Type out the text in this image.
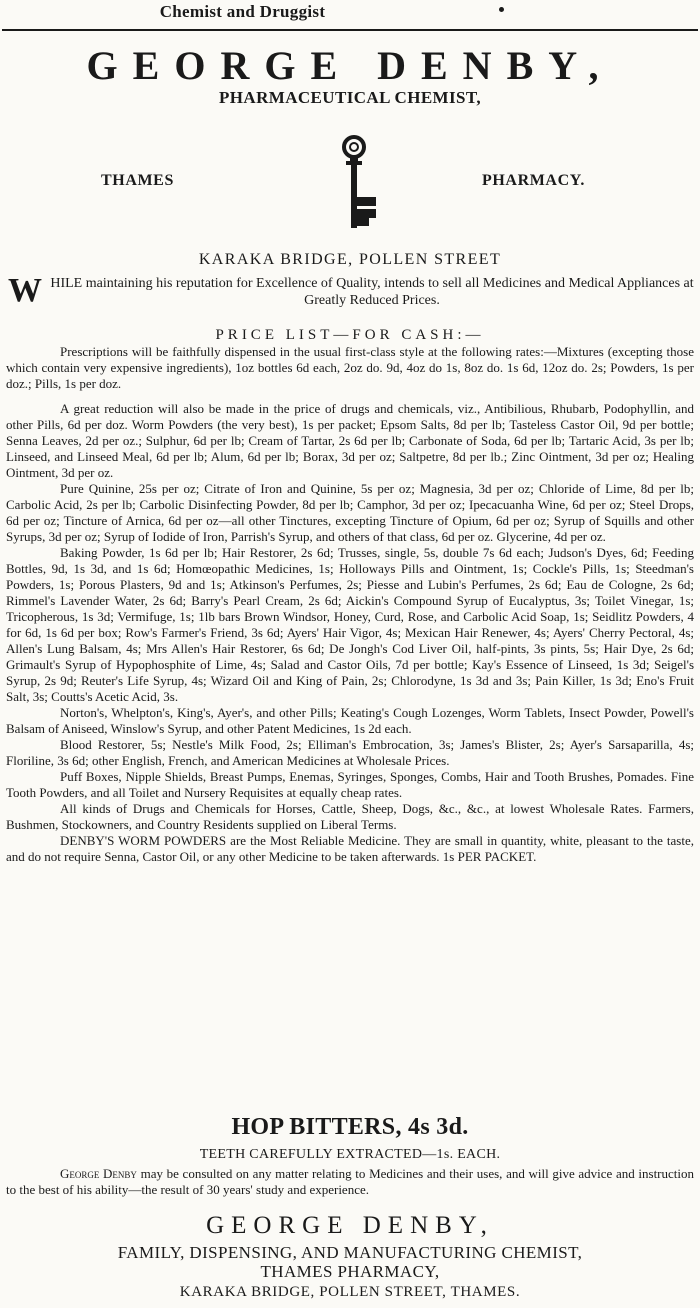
Chemist and Druggist
GEORGE DENBY,
PHARMACEUTICAL CHEMIST,
THAMES	PHARMACY.
KARAKA BRIDGE, POLLEN STREET
W HILE maintaining his reputation for Excellence of Quality, intends to sell all Medicines and Medical Appliances at Greatly Reduced Prices.
PRICE LIST—FOR CASH:—

Prescriptions will be faithfully dispensed in the usual first-class style at the following rates:—Mixtures (excepting those which contain very expensive ingredients), 1oz bottles 6d each, 2oz do. 9d, 4oz do 1s, 8oz do. 1s 6d, 12oz do. 2s; Powders, 1s per doz.; Pills, 1s per doz.

A great reduction will also be made in the price of drugs and chemicals, viz., Antibilious, Rhubarb, Podophyllin, and other Pills, 6d per doz. Worm Powders (the very best), 1s per packet; Epsom Salts, 8d per lb; Tasteless Castor Oil, 9d per bottle; Senna Leaves, 2d per oz.; Sulphur, 6d per lb; Cream of Tartar, 2s 6d per lb; Carbonate of Soda, 6d per lb; Tartaric Acid, 3s per lb; Linseed, and Linseed Meal, 6d per lb; Alum, 6d per lb; Borax, 3d per oz; Saltpetre, 8d per lb.; Zinc Ointment, 3d per oz; Healing Ointment, 3d per oz.

Pure Quinine, 25s per oz; Citrate of Iron and Quinine, 5s per oz; Magnesia, 3d per oz; Chloride of Lime, 8d per lb; Carbolic Acid, 2s per lb; Carbolic Disinfecting Powder, 8d per lb; Camphor, 3d per oz; Ipecacuanha Wine, 6d per oz; Steel Drops, 6d per oz; Tincture of Arnica, 6d per oz—all other Tinctures, excepting Tincture of Opium, 6d per oz; Syrup of Squills and other Syrups, 3d per oz; Syrup of Iodide of Iron, Parrish's Syrup, and others of that class, 6d per oz. Glycerine, 4d per oz.

Baking Powder, 1s 6d per lb; Hair Restorer, 2s 6d; Trusses, single, 5s, double 7s 6d each; Judson's Dyes, 6d; Feeding Bottles, 9d, 1s 3d, and 1s 6d; Homœopathic Medicines, 1s; Holloways Pills and Ointment, 1s; Cockle's Pills, 1s; Steedman's Powders, 1s; Porous Plasters, 9d and 1s; Atkinson's Perfumes, 2s; Piesse and Lubin's Perfumes, 2s 6d; Eau de Cologne, 2s 6d; Rimmel's Lavender Water, 2s 6d; Barry's Pearl Cream, 2s 6d; Aickin's Compound Syrup of Eucalyptus, 3s; Toilet Vinegar, 1s; Tricopherous, 1s 3d; Vermifuge, 1s; 1lb bars Brown Windsor, Honey, Curd, Rose, and Carbolic Acid Soap, 1s; Seidlitz Powders, 4 for 6d, 1s 6d per box; Row's Farmer's Friend, 3s 6d; Ayers' Hair Vigor, 4s; Mexican Hair Renewer, 4s; Ayers' Cherry Pectoral, 4s; Allen's Lung Balsam, 4s; Mrs Allen's Hair Restorer, 6s 6d; De Jongh's Cod Liver Oil, half-pints, 3s pints, 5s; Hair Dye, 2s 6d; Grimault's Syrup of Hypophosphite of Lime, 4s; Salad and Castor Oils, 7d per bottle; Kay's Essence of Linseed, 1s 3d; Seigel's Syrup, 2s 9d; Reuter's Life Syrup, 4s; Wizard Oil and King of Pain, 2s; Chlorodyne, 1s 3d and 3s; Pain Killer, 1s 3d; Eno's Fruit Salt, 3s; Coutts's Acetic Acid, 3s.

Norton's, Whelpton's, King's, Ayer's, and other Pills; Keating's Cough Lozenges, Worm Tablets, Insect Powder, Powell's Balsam of Aniseed, Winslow's Syrup, and other Patent Medicines, 1s 2d each.

Blood Restorer, 5s; Nestle's Milk Food, 2s; Elliman's Embrocation, 3s; James's Blister, 2s; Ayer's Sarsaparilla, 4s; Floriline, 3s 6d; other English, French, and American Medicines at Wholesale Prices.

Puff Boxes, Nipple Shields, Breast Pumps, Enemas, Syringes, Sponges, Combs, Hair and Tooth Brushes, Pomades. Fine Tooth Powders, and all Toilet and Nursery Requisites at equally cheap rates.

All kinds of Drugs and Chemicals for Horses, Cattle, Sheep, Dogs, &c., &c., at lowest Wholesale Rates. Farmers, Bushmen, Stockowners, and Country Residents supplied on Liberal Terms.

DENBY'S WORM POWDERS are the Most Reliable Medicine. They are small in quantity, white, pleasant to the taste, and do not require Senna, Castor Oil, or any other Medicine to be taken afterwards. 1s PER PACKET.

HOP BITTERS, 4s 3d.
TEETH CAREFULLY EXTRACTED—1s. EACH.

George Denby may be consulted on any matter relating to Medicines and their uses, and will give advice and instruction to the best of his ability—the result of 30 years' study and experience.

GEORGE DENBY,
FAMILY, DISPENSING, AND MANUFACTURING CHEMIST,
THAMES PHARMACY,
KARAKA BRIDGE, POLLEN STREET, THAMES.
